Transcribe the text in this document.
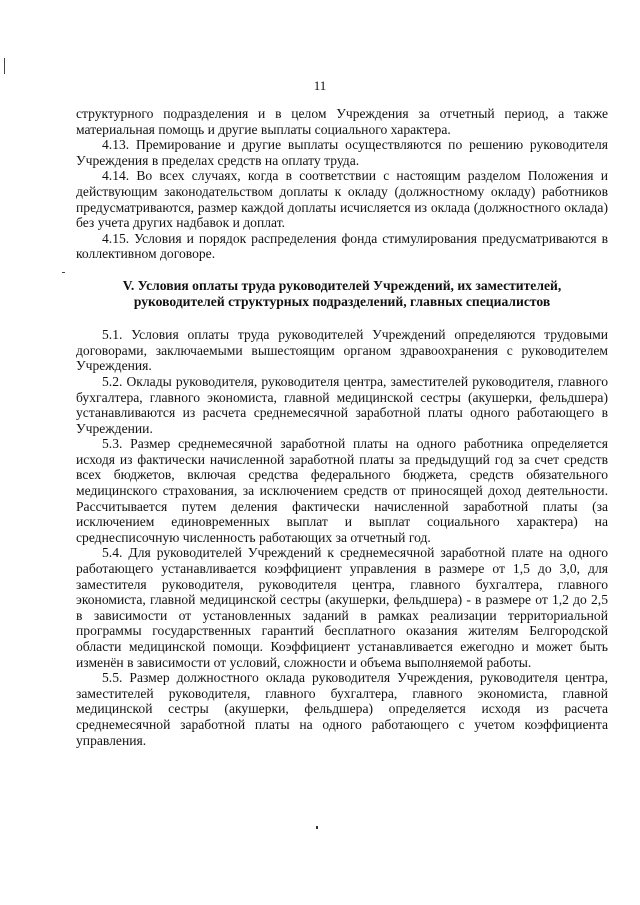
11

структурного подразделения и в целом Учреждения за отчетный период, а также материальная помощь и другие выплаты социального характера.

4.13. Премирование и другие выплаты осуществляются по решению руководителя Учреждения в пределах средств на оплату труда.

4.14. Во всех случаях, когда в соответствии с настоящим разделом Положения и действующим законодательством доплаты к окладу (должностному окладу) работников предусматриваются, размер каждой доплаты исчисляется из оклада (должностного оклада) без учета других надбавок и доплат.

4.15. Условия и порядок распределения фонда стимулирования предусматриваются в коллективном договоре.

V. Условия оплаты труда руководителей Учреждений, их заместителей,
руководителей структурных подразделений, главных специалистов

5.1. Условия оплаты труда руководителей Учреждений определяются трудовыми договорами, заключаемыми вышестоящим органом здравоохранения с руководителем Учреждения.

5.2. Оклады руководителя, руководителя центра, заместителей руководителя, главного бухгалтера, главного экономиста, главной медицинской сестры (акушерки, фельдшера) устанавливаются из расчета среднемесячной заработной платы одного работающего в Учреждении.

5.3. Размер среднемесячной заработной платы на одного работника определяется исходя из фактически начисленной заработной платы за предыдущий год за счет средств всех бюджетов, включая средства федерального бюджета, средств обязательного медицинского страхования, за исключением средств от приносящей доход деятельности. Рассчитывается путем деления фактически начисленной заработной платы (за исключением единовременных выплат и выплат социального характера) на среднесписочную численность работающих за отчетный год.

5.4. Для руководителей Учреждений к среднемесячной заработной плате на одного работающего устанавливается коэффициент управления в размере от 1,5 до 3,0, для заместителя руководителя, руководителя центра, главного бухгалтера, главного экономиста, главной медицинской сестры (акушерки, фельдшера) - в размере от 1,2 до 2,5 в зависимости от установленных заданий в рамках реализации территориальной программы государственных гарантий бесплатного оказания жителям Белгородской области медицинской помощи. Коэффициент устанавливается ежегодно и может быть изменён в зависимости от условий, сложности и объема выполняемой работы.

5.5. Размер должностного оклада руководителя Учреждения, руководителя центра, заместителей руководителя, главного бухгалтера, главного экономиста, главной медицинской сестры (акушерки, фельдшера) определяется исходя из расчета среднемесячной заработной платы на одного работающего с учетом коэффициента управления.
